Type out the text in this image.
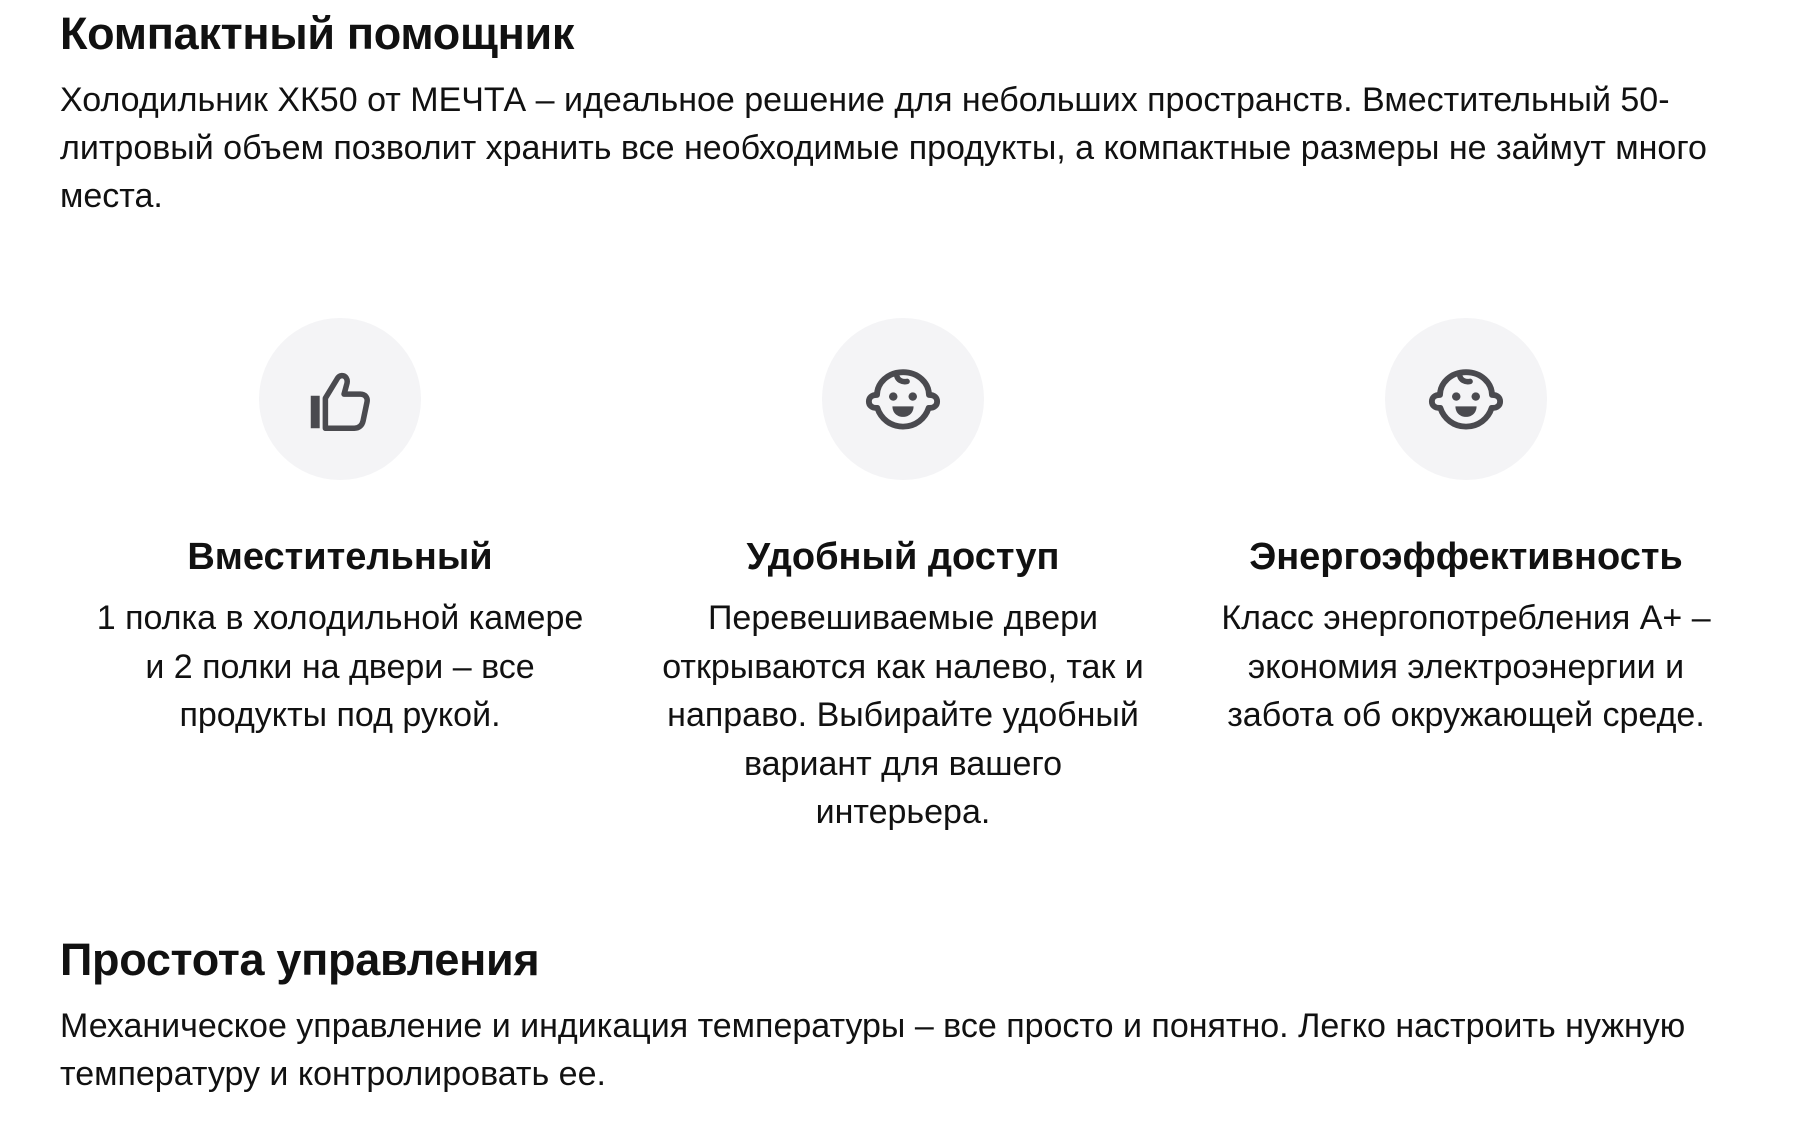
Компактный помощник

Холодильник ХК50 от МЕЧТА – идеальное решение для небольших пространств. Вместительный 50-литровый объем позволит хранить все необходимые продукты, а компактные размеры не займут много места.

Вместительный

1 полка в холодильной камере и 2 полки на двери – все продукты под рукой.

Удобный доступ

Перевешиваемые двери открываются как налево, так и направо. Выбирайте удобный вариант для вашего интерьера.

Энергоэффективность

Класс энергопотребления А+ – экономия электроэнергии и забота об окружающей среде.

Простота управления

Механическое управление и индикация температуры – все просто и понятно. Легко настроить нужную температуру и контролировать ее.
